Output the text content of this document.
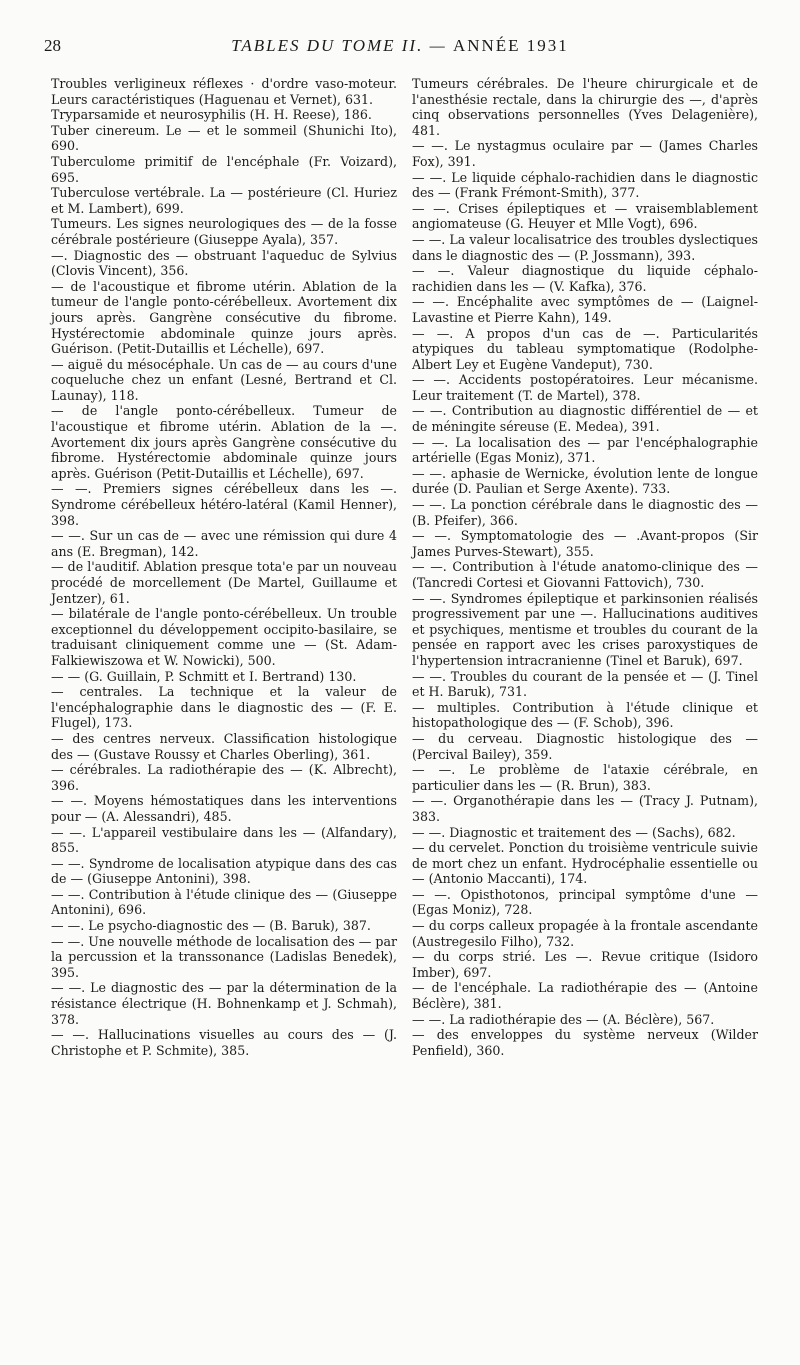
28	TABLES DU TOME II. — ANNÉE 1931

Troubles verligineux réflexes · d'ordre vaso-moteur. Leurs caractéristiques (Haguenau et Vernet), 631.

Tryparsamide et neurosyphilis (H. H. Reese), 186.

Tuber cinereum. Le — et le sommeil (Shunichi Ito), 690.

Tuberculome primitif de l'encéphale (Fr. Voizard), 695.

Tuberculose vertébrale. La — postérieure (Cl. Huriez et M. Lambert), 699.

Tumeurs. Les signes neurologiques des — de la fosse cérébrale postérieure (Giuseppe Ayala), 357.

—. Diagnostic des — obstruant l'aqueduc de Sylvius (Clovis Vincent), 356.

— de l'acoustique et fibrome utérin. Ablation de la tumeur de l'angle ponto-cérébelleux. Avortement dix jours après. Gangrène consécutive du fibrome. Hystérectomie abdominale quinze jours après. Guérison. (Petit-Dutaillis et Léchelle), 697.

— aiguë du mésocéphale. Un cas de — au cours d'une coqueluche chez un enfant (Lesné, Bertrand et Cl. Launay), 118.

— de l'angle ponto-cérébelleux. Tumeur de l'acoustique et fibrome utérin. Ablation de la —. Avortement dix jours après Gangrène consécutive du fibrome. Hystérectomie abdominale quinze jours après. Guérison (Petit-Dutaillis et Léchelle), 697.

— —. Premiers signes cérébelleux dans les —. Syndrome cérébelleux hétéro-latéral (Kamil Henner), 398.

— —. Sur un cas de — avec une rémission qui dure 4 ans (E. Bregman), 142.

— de l'auditif. Ablation presque tota'e par un nouveau procédé de morcellement (De Martel, Guillaume et Jentzer), 61.

— bilatérale de l'angle ponto-cérébelleux. Un trouble exceptionnel du développement occipito-basilaire, se traduisant cliniquement comme une — (St. Adam-Falkiewiszowa et W. Nowicki), 500.

— — (G. Guillain, P. Schmitt et I. Bertrand) 130.

— centrales. La technique et la valeur de l'encéphalographie dans le diagnostic des — (F. E. Flugel), 173.

— des centres nerveux. Classification histologique des — (Gustave Roussy et Charles Oberling), 361.

— cérébrales. La radiothérapie des — (K. Albrecht), 396.

— —. Moyens hémostatiques dans les interventions pour — (A. Alessandri), 485.

— —. L'appareil vestibulaire dans les — (Alfandary), 855.

— —. Syndrome de localisation atypique dans des cas de — (Giuseppe Antonini), 398.

— —. Contribution à l'étude clinique des — (Giuseppe Antonini), 696.

— —. Le psycho-diagnostic des — (B. Baruk), 387.

— —. Une nouvelle méthode de localisation des — par la percussion et la transsonance (Ladislas Benedek), 395.

— —. Le diagnostic des — par la détermination de la résistance électrique (H. Bohnenkamp et J. Schmah), 378.

— —. Hallucinations visuelles au cours des — (J. Christophe et P. Schmite), 385.

Tumeurs cérébrales. De l'heure chirurgicale et de l'anesthésie rectale, dans la chirurgie des —, d'après cinq observations personnelles (Yves Delagenière), 481.

— —. Le nystagmus oculaire par — (James Charles Fox), 391.

— —. Le liquide céphalo-rachidien dans le diagnostic des — (Frank Frémont-Smith), 377.

— —. Crises épileptiques et — vraisemblablement angiomateuse (G. Heuyer et Mlle Vogt), 696.

— —. La valeur localisatrice des troubles dyslectiques dans le diagnostic des — (P. Jossmann), 393.

— —. Valeur diagnostique du liquide céphalo-rachidien dans les — (V. Kafka), 376.

— —. Encéphalite avec symptômes de — (Laignel-Lavastine et Pierre Kahn), 149.

— —. A propos d'un cas de —. Particularités atypiques du tableau symptomatique (Rodolphe-Albert Ley et Eugène Vandeput), 730.

— —. Accidents postopératoires. Leur mécanisme. Leur traitement (T. de Martel), 378.

— —. Contribution au diagnostic différentiel de — et de méningite séreuse (E. Medea), 391.

— —. La localisation des — par l'encéphalographie artérielle (Egas Moniz), 371.

— —. aphasie de Wernicke, évolution lente de longue durée (D. Paulian et Serge Axente). 733.

— —. La ponction cérébrale dans le diagnostic des — (B. Pfeifer), 366.

— —. Symptomatologie des — .Avant-propos (Sir James Purves-Stewart), 355.

— —. Contribution à l'étude anatomo-clinique des — (Tancredi Cortesi et Giovanni Fattovich), 730.

— —. Syndromes épileptique et parkinsonien réalisés progressivement par une —. Hallucinations auditives et psychiques, mentisme et troubles du courant de la pensée en rapport avec les crises paroxystiques de l'hypertension intracranienne (Tinel et Baruk), 697.

— —. Troubles du courant de la pensée et — (J. Tinel et H. Baruk), 731.

— multiples. Contribution à l'étude clinique et histopathologique des — (F. Schob), 396.

— du cerveau. Diagnostic histologique des — (Percival Bailey), 359.

— —. Le problème de l'ataxie cérébrale, en particulier dans les — (R. Brun), 383.

— —. Organothérapie dans les — (Tracy J. Putnam), 383.

— —. Diagnostic et traitement des — (Sachs), 682.

— du cervelet. Ponction du troisième ventricule suivie de mort chez un enfant. Hydrocéphalie essentielle ou — (Antonio Maccanti), 174.

— —. Opisthotonos, principal symptôme d'une — (Egas Moniz), 728.

— du corps calleux propagée à la frontale ascendante (Austregesilo Filho), 732.

— du corps strié. Les —. Revue critique (Isidoro Imber), 697.

— de l'encéphale. La radiothérapie des — (Antoine Béclère), 381.

— —. La radiothérapie des — (A. Béclère), 567.

— des enveloppes du système nerveux (Wilder Penfield), 360.
